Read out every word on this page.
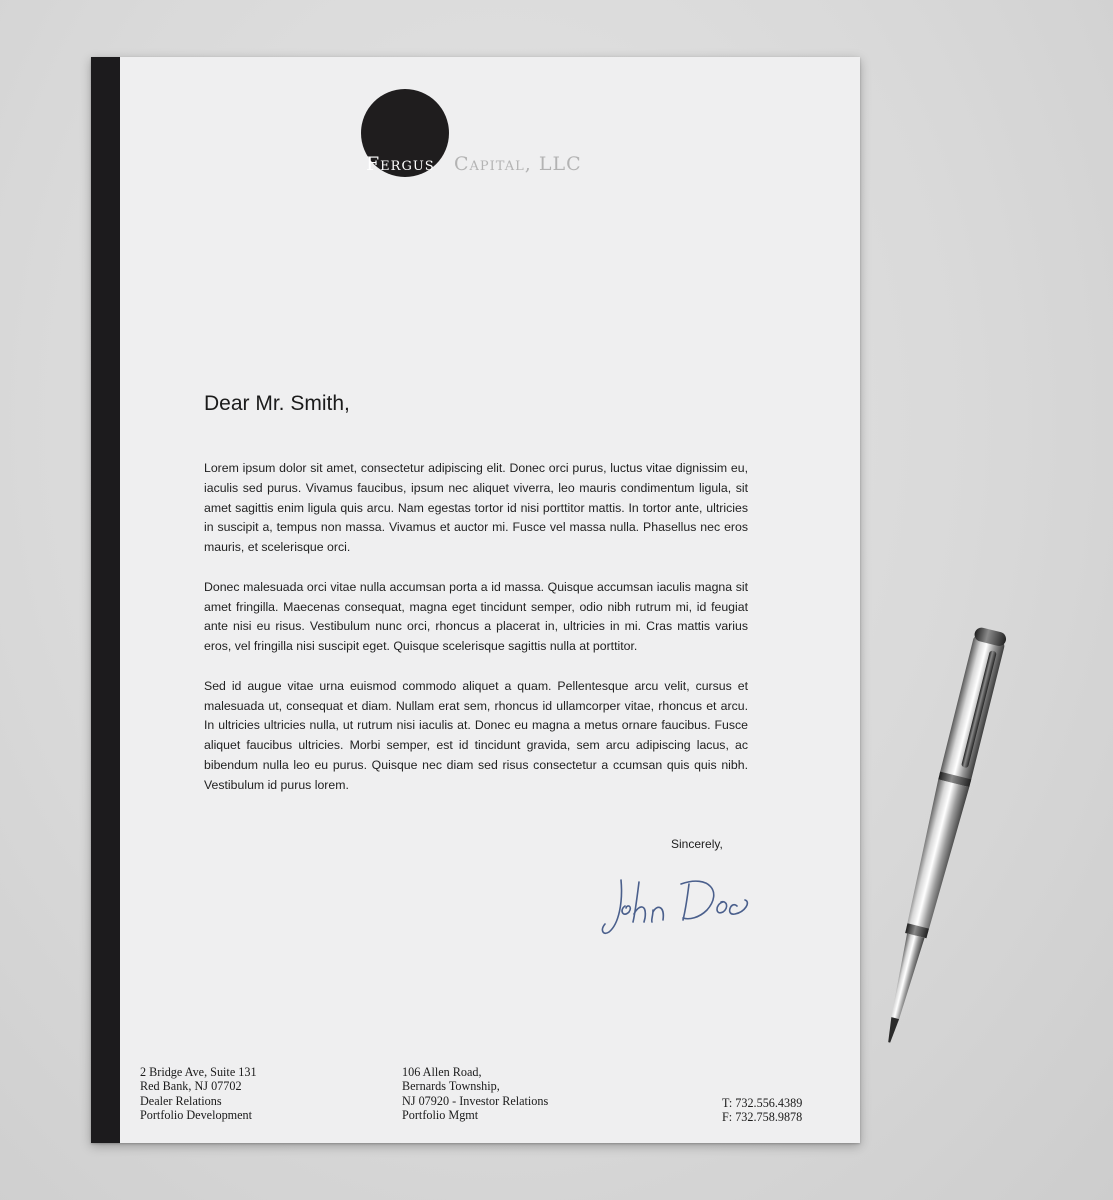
Fergus Capital, LLC
Dear Mr. Smith,

Lorem ipsum dolor sit amet, consectetur adipiscing elit. Donec orci purus, luctus vitae dignissim eu, iaculis sed purus. Vivamus faucibus, ipsum nec aliquet viverra, leo mauris condimentum ligula, sit amet sagittis enim ligula quis arcu. Nam egestas tortor id nisi porttitor mattis. In tortor ante, ultricies in suscipit a, tempus non massa. Vivamus et auctor mi. Fusce vel massa nulla. Phasellus nec eros mauris, et scelerisque orci.

Donec malesuada orci vitae nulla accumsan porta a id massa. Quisque accumsan iaculis magna sit amet fringilla. Maecenas consequat, magna eget tincidunt semper, odio nibh rutrum mi, id feugiat ante nisi eu risus. Vestibulum nunc orci, rhoncus a placerat in, ultricies in mi. Cras mattis varius eros, vel fringilla nisi suscipit eget. Quisque scelerisque sagittis nulla at porttitor.

Sed id augue vitae urna euismod commodo aliquet a quam. Pellentesque arcu velit, cursus et malesuada ut, consequat et diam. Nullam erat sem, rhoncus id ullamcorper vitae, rhoncus et arcu. In ultricies ultricies nulla, ut rutrum nisi iaculis at. Donec eu magna a metus ornare faucibus. Fusce aliquet faucibus ultricies. Morbi semper, est id tincidunt gravida, sem arcu adipiscing lacus, ac bibendum nulla leo eu purus. Quisque nec diam sed risus consectetur a ccumsan quis quis nibh. Vestibulum id purus lorem.

Sincerely,
2 Bridge Ave, Suite 131
Red Bank, NJ 07702
Dealer Relations
Portfolio Development
106 Allen Road,
Bernards Township,
NJ 07920 - Investor Relations
Portfolio Mgmt
T: 732.556.4389
F: 732.758.9878
